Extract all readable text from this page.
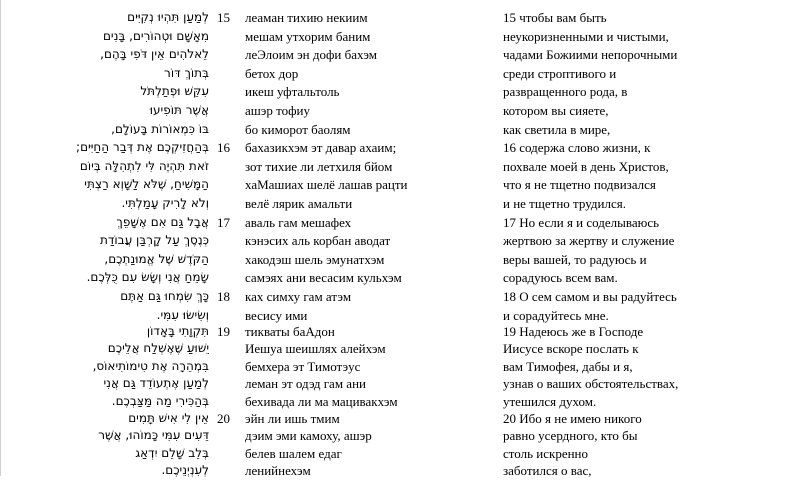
לְמַעַן תִּהְיוּ נְקִיִּים 15	леаман тихию некиим	15 чтобы вам быть
מִאָשָׁם וּטְהוֹרִים, בָּנִים	мешам утхорим баним	неукоризненными и чистыми,
לֵאלֹהִים אֵין דֹּפִי בָּהֶם,	леЭлоим эн дофи бахэм	чадами Божиими непорочными
בְּתוֹךְ דּוֹר	бетох дор	среди строптивого и
עִקֵּשׁ וּפְתַלְתֹּל	икеш уфтальтоль	развращенного рода, в
אֲשֶׁר תּוֹפִיעוּ	ашэр тофиу	котором вы сияете,
בּוֹ כִּמְאוֹרוֹת בָּעוֹלָם,	бо киморот баолям	как светила в мире,
בְּהַחֲזִיקְכֶם אֶת דְּבַר הַחַיִּים; 16	бахазикхэм эт давар ахаим;	16 содержа слово жизни, к
זֹאת תִּהְיֶה לִּי לִתְהִלָּה בְּיוֹם	зот тихие ли летхиля бйом	похвале моей в день Христов,
הַמָּשִׁיחַ, שֶׁלֹּא לַשָּׁוְא רַצְתִּי	хаМашиах шелё лашав рацти	что я не тщетно подвизался
וְלֹא לָרִיק עָמַלְתִּי.	велё лярик амальти	и не тщетно трудился.
אֲבָל גַּם אִם אֶשָּׁפֵךְ 17	аваль гам мешафех	17 Но если я и соделываюсь
כְּנֶסֶךְ עַל קָרְבַּן עֲבוֹדַת	кэнэсих аль корбан аводат	жертвою за жертву и служение
הַקֹּדֶשׁ שֶׁל אֱמוּנַתְכֶם,	хакодэш шель эмунатхэм	веры вашей, то радуюсь и
שָׂמֵחַ אֲנִי וְשָׂשׂ עִם כֻּלְּכֶם.	самэях ани весасим кульхэм	сорадуюсь всем вам.
כָּךְ שִׂמְחוּ גַּם אַתֶּם 18	ках симху гам атэм	18 О сем самом и вы радуйтесь
וְשִׂישׂוּ עִמִּי.	весису ими	и сорадуйтесь мне.
תִּקְוָתִי בָּאָדוֹן 19	тикваты баАдон	19 Надеюсь же в Господе
יֵשׁוּעַ שֶׁאֶשְׁלַח אֲלֵיכֶם	Иешуа шеишлях алейхэм	Иисусе вскоре послать к
בִּמְהֵרָה אֶת טִימוֹתִיאוֹס,	бемхера эт Тимотэус	вам Тимофея, дабы и я,
לְמַעַן אֶתְעוֹדֵד גַּם אֲנִי	леман эт одэд гам ани	узнав о ваших обстоятельствах,
בְּהַכִּירִי מַה מַּצַּבְכֶם.	бехивада ли ма мацивакхэм	утешился духом.
אֵין לִי אִישׁ תָּמִים 20	эйн ли ишь тмим	20 Ибо я не имею никого
דֵּעִים עִמִּי כָּמוֹהוּ, אֲשֶׁר	дэим эми камоху, ашэр	равно усердного, кто бы
בְּלֵב שָׁלֵם יִדְאַג	белев шалем едаг	столь искренно
לְעִנְיְנֵיכֶם.	ленийнехэм	заботился о вас,
